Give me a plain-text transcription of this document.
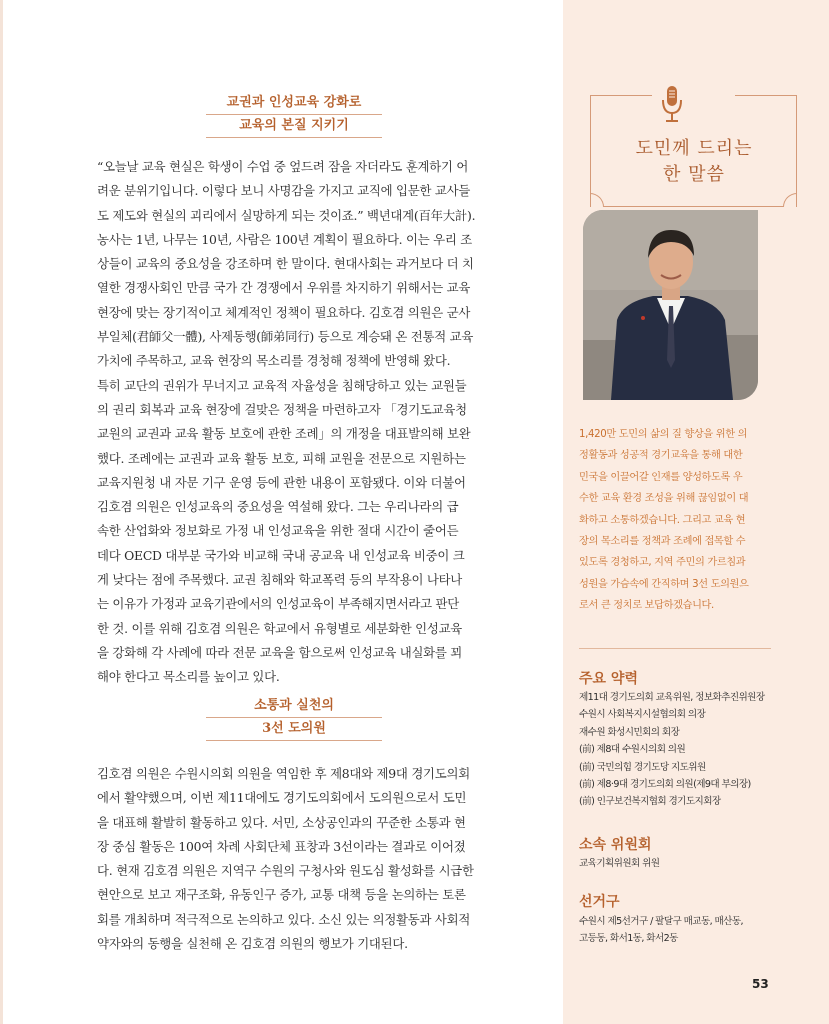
교권과 인성교육 강화로
교육의 본질 지키기
“오늘날 교육 현실은 학생이 수업 중 엎드려 잠을 자더라도 훈계하기 어
려운 분위기입니다. 이렇다 보니 사명감을 가지고 교직에 입문한 교사들
도 제도와 현실의 괴리에서 실망하게 되는 것이죠.” 백년대계(百年大計).
농사는 1년, 나무는 10년, 사람은 100년 계획이 필요하다. 이는 우리 조
상들이 교육의 중요성을 강조하며 한 말이다. 현대사회는 과거보다 더 치
열한 경쟁사회인 만큼 국가 간 경쟁에서 우위를 차지하기 위해서는 교육
현장에 맞는 장기적이고 체계적인 정책이 필요하다. 김호겸 의원은 군사
부일체(君師父一體), 사제동행(師弟同行) 등으로 계승돼 온 전통적 교육
가치에 주목하고, 교육 현장의 목소리를 경청해 정책에 반영해 왔다.
특히 교단의 권위가 무너지고 교육적 자율성을 침해당하고 있는 교원들
의 권리 회복과 교육 현장에 걸맞은 정책을 마련하고자 「경기도교육청
교원의 교권과 교육 활동 보호에 관한 조례」의 개정을 대표발의해 보완
했다. 조례에는 교권과 교육 활동 보호, 피해 교원을 전문으로 지원하는
교육지원청 내 자문 기구 운영 등에 관한 내용이 포함됐다. 이와 더불어
김호겸 의원은 인성교육의 중요성을 역설해 왔다. 그는 우리나라의 급
속한 산업화와 정보화로 가정 내 인성교육을 위한 절대 시간이 줄어든
데다 OECD 대부분 국가와 비교해 국내 공교육 내 인성교육 비중이 크
게 낮다는 점에 주목했다. 교권 침해와 학교폭력 등의 부작용이 나타나
는 이유가 가정과 교육기관에서의 인성교육이 부족해지면서라고 판단
한 것. 이를 위해 김호겸 의원은 학교에서 유형별로 세분화한 인성교육
을 강화해 각 사례에 따라 전문 교육을 함으로써 인성교육 내실화를 꾀
해야 한다고 목소리를 높이고 있다.
소통과 실천의
3선 도의원
김호겸 의원은 수원시의회 의원을 역임한 후 제8대와 제9대 경기도의회
에서 활약했으며, 이번 제11대에도 경기도의회에서 도의원으로서 도민
을 대표해 활발히 활동하고 있다. 서민, 소상공인과의 꾸준한 소통과 현
장 중심 활동은 100여 차례 사회단체 표창과 3선이라는 결과로 이어졌
다. 현재 김호겸 의원은 지역구 수원의 구청사와 원도심 활성화를 시급한
현안으로 보고 재구조화, 유동인구 증가, 교통 대책 등을 논의하는 토론
회를 개최하며 적극적으로 논의하고 있다. 소신 있는 의정활동과 사회적
약자와의 동행을 실천해 온 김호겸 의원의 행보가 기대된다.
도민께 드리는
한 말씀
1,420만 도민의 삶의 질 향상을 위한 의
정활동과 성공적 경기교육을 통해 대한
민국을 이끌어갈 인재를 양성하도록 우
수한 교육 환경 조성을 위해 끊임없이 대
화하고 소통하겠습니다. 그리고 교육 현
장의 목소리를 정책과 조례에 접목할 수
있도록 경청하고, 지역 주민의 가르침과
성원을 가슴속에 간직하며 3선 도의원으
로서 큰 정치로 보답하겠습니다.
주요 약력
제11대 경기도의회 교육위원, 정보화추진위원장
수원시 사회복지시설협의회 의장
재수원 화성시민회의 회장
(前) 제8대 수원시의회 의원
(前) 국민의힘 경기도당 지도위원
(前) 제8·9대 경기도의회 의원(제9대 부의장)
(前) 인구보건복지협회 경기도지회장
소속 위원회
교육기획위원회 위원
선거구
수원시 제5선거구 / 팔달구 매교동, 매산동,
고등동, 화서1동, 화서2동
53
